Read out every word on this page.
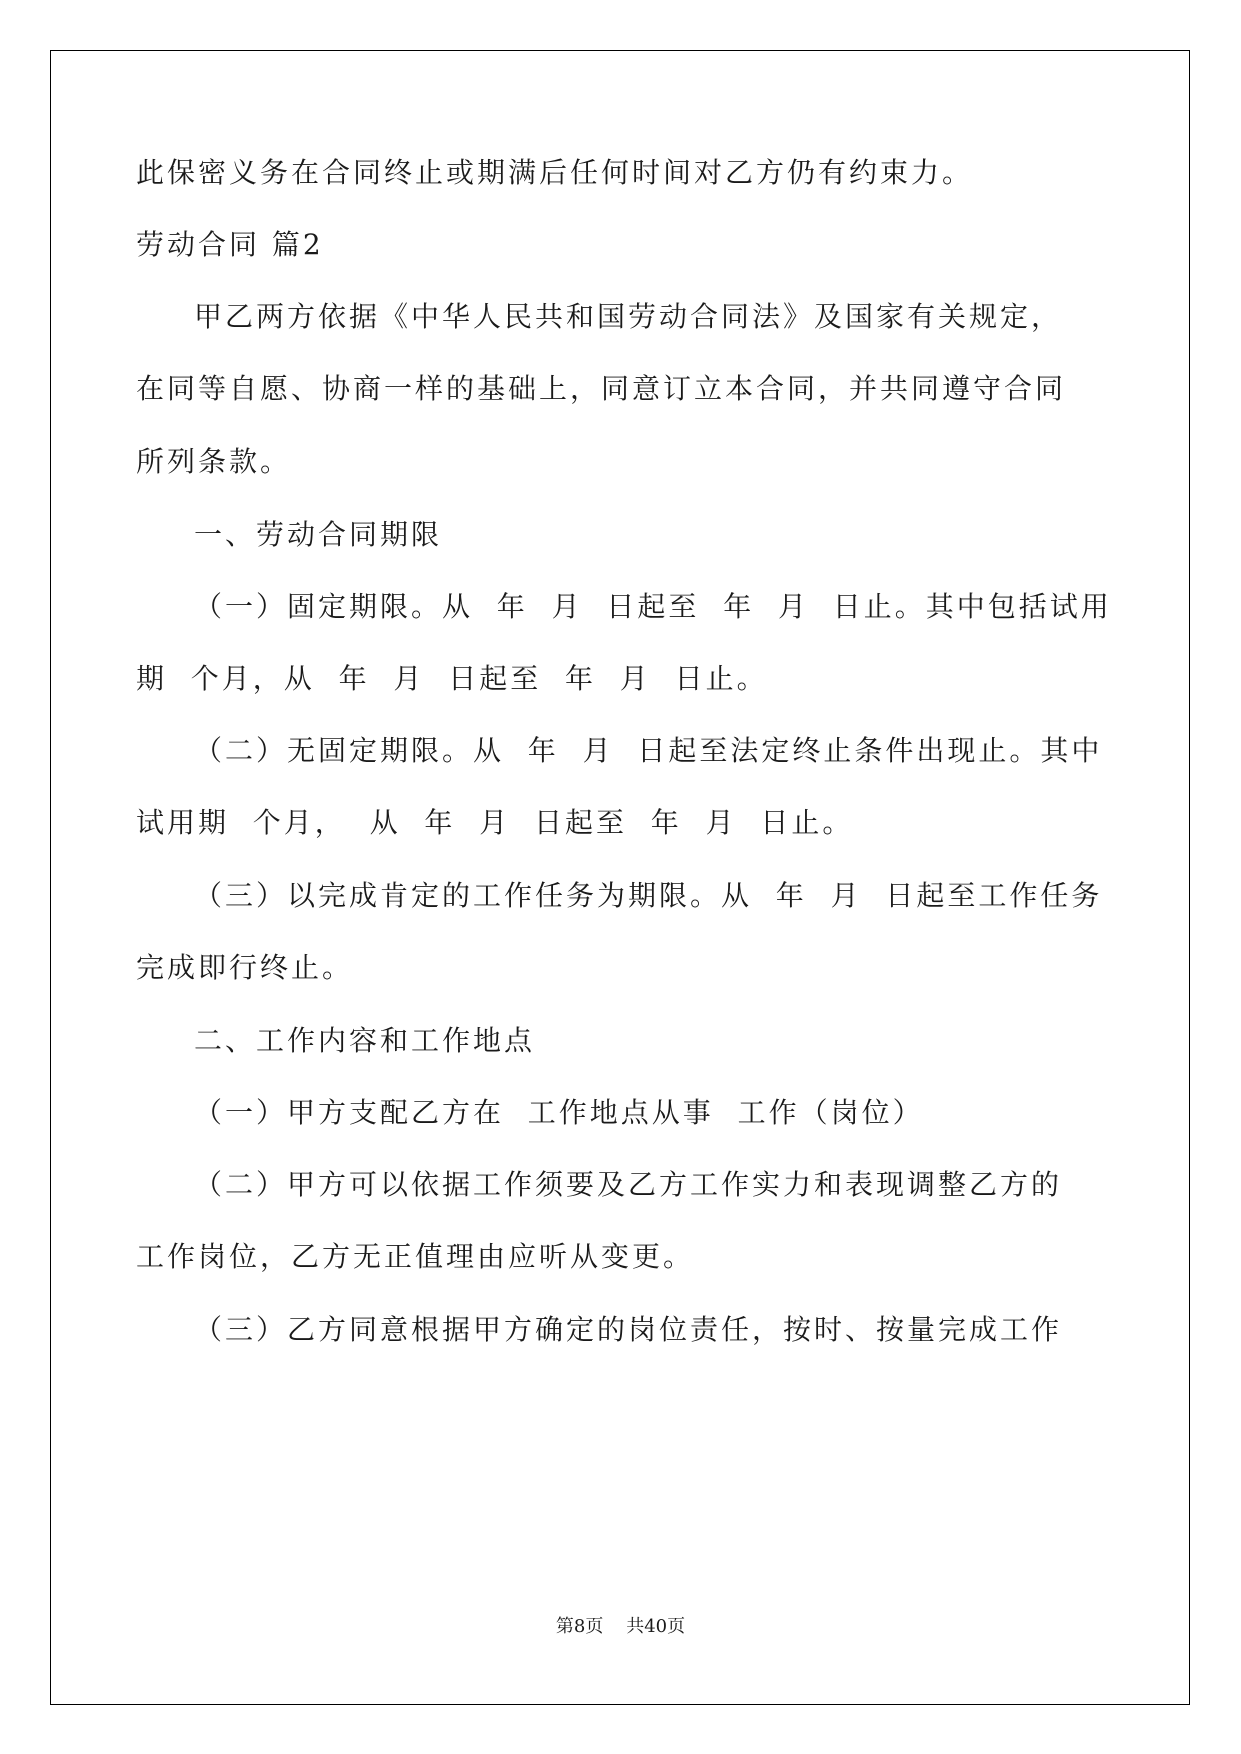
此保密义务在合同终止或期满后任何时间对乙方仍有约束力。

劳动合同 篇2

甲乙两方依据《中华人民共和国劳动合同法》及国家有关规定，

在同等自愿、协商一样的基础上，同意订立本合同，并共同遵守合同

所列条款。

一、劳动合同期限

（一）固定期限。从  年  月  日起至  年  月  日止。其中包括试用

期  个月，从  年  月  日起至  年  月  日止。

（二）无固定期限。从  年  月  日起至法定终止条件出现止。其中

试用期  个月，  从  年  月  日起至  年  月  日止。

（三）以完成肯定的工作任务为期限。从  年  月  日起至工作任务

完成即行终止。

二、工作内容和工作地点

（一）甲方支配乙方在  工作地点从事  工作（岗位）

（二）甲方可以依据工作须要及乙方工作实力和表现调整乙方的

工作岗位，乙方无正值理由应听从变更。

（三）乙方同意根据甲方确定的岗位责任，按时、按量完成工作

第8页    共40页
